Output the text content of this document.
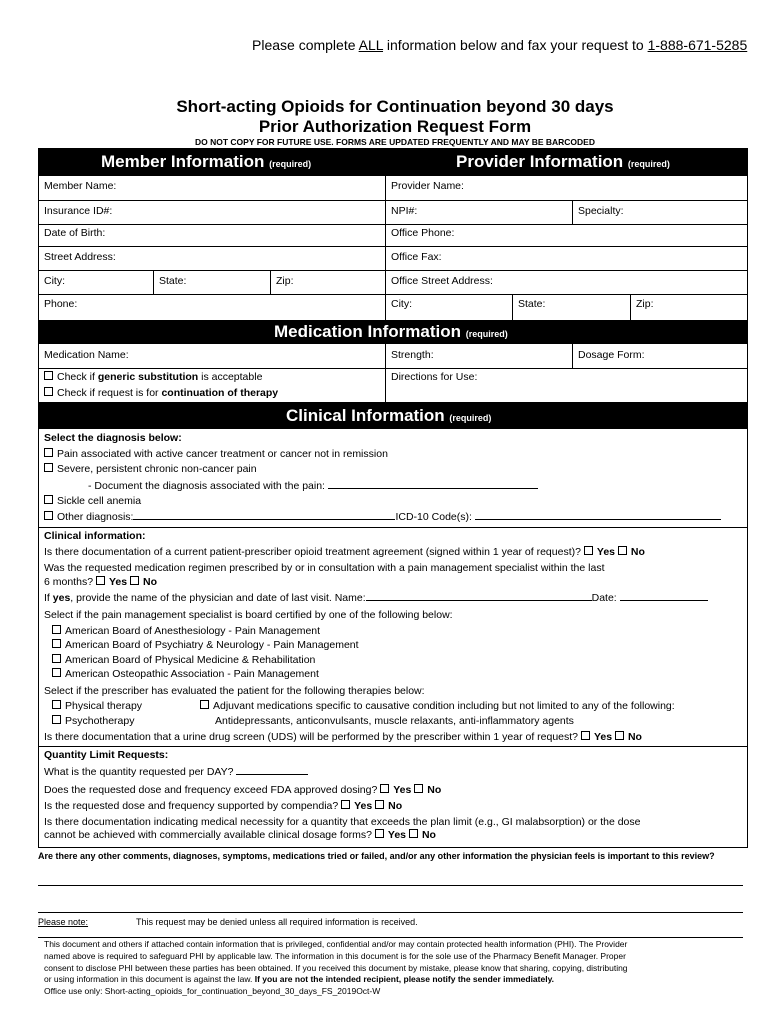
Please complete ALL information below and fax your request to 1-888-671-5285
Short-acting Opioids for Continuation beyond 30 days
Prior Authorization Request Form
DO NOT COPY FOR FUTURE USE. FORMS ARE UPDATED FREQUENTLY AND MAY BE BARCODED
Member Information (required)	Provider Information (required)
Member Name:	Provider Name:
Insurance ID#:	NPI#:	Specialty:
Date of Birth:	Office Phone:
Street Address:	Office Fax:
City:	State:	Zip:	Office Street Address:
Phone:	City:	State:	Zip:
Medication Information (required)
Medication Name:	Strength:	Dosage Form:
Check if generic substitution is acceptable
Check if request is for continuation of therapy
Directions for Use:
Clinical Information (required)
Select the diagnosis below:
Pain associated with active cancer treatment or cancer not in remission
Severe, persistent chronic non-cancer pain
- Document the diagnosis associated with the pain:
Sickle cell anemia
Other diagnosis:	ICD-10 Code(s):
Clinical information:
Is there documentation of a current patient-prescriber opioid treatment agreement (signed within 1 year of request)? Yes No
Was the requested medication regimen prescribed by or in consultation with a pain management specialist within the last
6 months? Yes No
If yes, provide the name of the physician and date of last visit. Name:	Date:
Select if the pain management specialist is board certified by one of the following below:
American Board of Anesthesiology - Pain Management
American Board of Psychiatry & Neurology - Pain Management
American Board of Physical Medicine & Rehabilitation
American Osteopathic Association - Pain Management
Select if the prescriber has evaluated the patient for the following therapies below:
Physical therapy
Psychotherapy
Adjuvant medications specific to causative condition including but not limited to any of the following:
Antidepressants, anticonvulsants, muscle relaxants, anti-inflammatory agents
Is there documentation that a urine drug screen (UDS) will be performed by the prescriber within 1 year of request? Yes No
Quantity Limit Requests:
What is the quantity requested per DAY?
Does the requested dose and frequency exceed FDA approved dosing? Yes No
Is the requested dose and frequency supported by compendia? Yes No
Is there documentation indicating medical necessity for a quantity that exceeds the plan limit (e.g., GI malabsorption) or the dose
cannot be achieved with commercially available clinical dosage forms? Yes No
Are there any other comments, diagnoses, symptoms, medications tried or failed, and/or any other information the physician feels is important to this review?
Please note:	This request may be denied unless all required information is received.
This document and others if attached contain information that is privileged, confidential and/or may contain protected health information (PHI). The Provider
named above is required to safeguard PHI by applicable law. The information in this document is for the sole use of the Pharmacy Benefit Manager. Proper
consent to disclose PHI between these parties has been obtained. If you received this document by mistake, please know that sharing, copying, distributing
or using information in this document is against the law. If you are not the intended recipient, please notify the sender immediately.
Office use only: Short-acting_opioids_for_continuation_beyond_30_days_FS_2019Oct-W
